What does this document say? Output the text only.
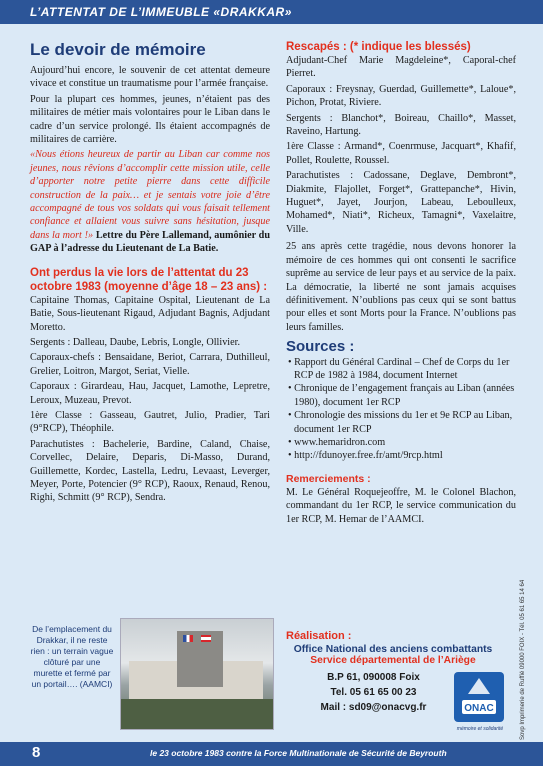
L’ATTENTAT DE L’IMMEUBLE «DRAKKAR»
Le devoir de mémoire

Aujourd’hui encore, le souvenir de cet attentat demeure vivace et constitue un traumatisme pour l’armée française.

Pour la plupart ces hommes, jeunes, n’étaient pas des militaires de métier mais volontaires pour le Liban dans le cadre d’un service prolongé. Ils étaient accompagnés de militaires de carrière.

«Nous étions heureux de partir au Liban car comme nos jeunes, nous rêvions d’accomplir cette mission utile, celle d’apporter notre petite pierre dans cette difficile construction de la paix… et je sentais votre joie d’être accompagné de tous vos soldats qui vous faisait tellement confiance et allaient vous suivre sans hésitation, jusque dans la mort !» Lettre du Père Lallemand, aumônier du GAP à l’adresse du Lieutenant de La Batie.

Ont perdus la vie lors de l’attentat du 23 octobre 1983 (moyenne d’âge 18 – 23 ans) :

Capitaine Thomas, Capitaine Ospital, Lieutenant de La Batie, Sous-lieutenant Rigaud, Adjudant Bagnis, Adjudant Moretto.

Sergents : Dalleau, Daube, Lebris, Longle, Ollivier.

Caporaux-chefs : Bensaidane, Beriot, Carrara, Duthilleul, Grelier, Loitron, Margot, Seriat, Vielle.

Caporaux : Girardeau, Hau, Jacquet, Lamothe, Lepretre, Leroux, Muzeau, Prevot.

1ère Classe : Gasseau, Gautret, Julio, Pradier, Tari (9°RCP), Théophile.

Parachutistes : Bachelerie, Bardine, Caland, Chaise, Corvellec, Delaire, Deparis, Di-Masso, Durand, Guillemette, Kordec, Lastella, Ledru, Levaast, Leverger, Meyer, Porte, Potencier (9° RCP), Raoux, Renaud, Renou, Righi, Schmitt (9° RCP), Sendra.

De l’emplacement du Drakkar, il ne reste rien : un terrain vague clôturé par une murette et fermé par un portail…. (AAMCI)
Rescapés : (* indique les blessés)

Adjudant-Chef Marie Magdeleine*, Caporal-chef Pierret.

Caporaux : Freysnay, Guerdad, Guillemette*, Laloue*, Pichon, Protat, Riviere.

Sergents : Blanchot*, Boireau, Chaillo*, Masset, Raveino, Hartung.

1ère Classe : Armand*, Coenrmuse, Jacquart*, Khafif, Pollet, Roulette, Roussel.

Parachutistes : Cadossane, Deglave, Dembront*, Diakmite, Flajollet, Forget*, Grattepanche*, Hivin, Huguet*, Jayet, Jourjon, Labeau, Leboulleux, Mohamed*, Niati*, Richeux, Tamagni*, Vaxelaitre, Ville.

25 ans après cette tragédie, nous devons honorer la mémoire de ces hommes qui ont consenti le sacrifice suprême au service de leur pays et au service de la paix. La démocratie, la liberté ne sont jamais acquises définitivement. N’oublions pas ceux qui se sont battus pour elles et sont Morts pour la France. N’oublions pas leurs familles.

Sources :
• Rapport du Général Cardinal – Chef de Corps du 1er RCP de 1982 à 1984, document Internet
• Chronique de l’engagement français au Liban (années 1980), document 1er RCP
• Chronologie des missions du 1er et 9e RCP au Liban, document 1er RCP
• www.hemaridron.com
• http://fdunoyer.free.fr/amt/9rcp.html
Remerciements :

M. Le Général Roquejeoffre, M. le Colonel Blachon, commandant du 1er RCP, le service communication du 1er RCP, M. Hemar de l’AAMCI.

Réalisation :
Office National des anciens combattants
Service départemental de l’Ariège
B.P 61, 090008 Foix
Tel. 05 61 65 00 23
Mail : sd09@onacvg.fr	ONAC
mémoire et solidarité	Sovp Imprimerie de Ruffié 09000 FOIX - Tél. 05 61 65 14 64
8	le 23 octobre 1983 contre la Force Multinationale de Sécurité de Beyrouth
